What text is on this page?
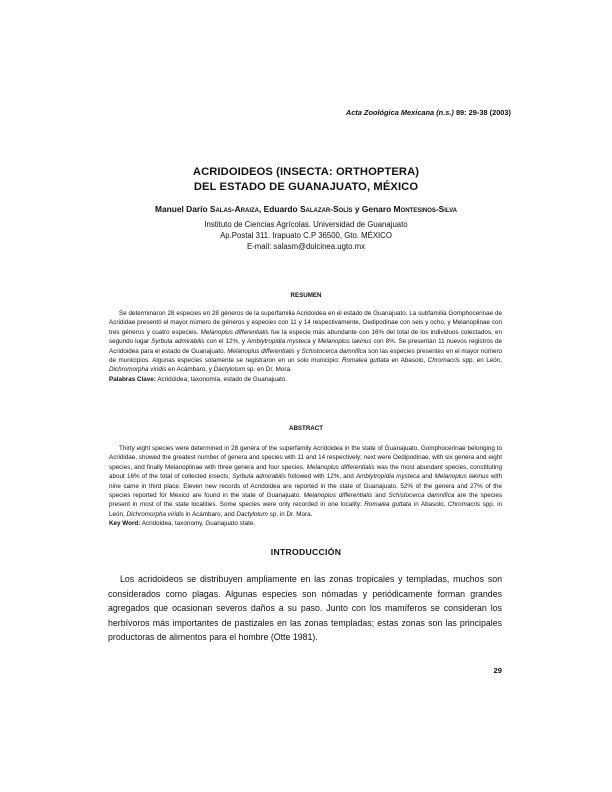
Acta Zoológica Mexicana (n.s.) 89: 29-38 (2003)
ACRIDOIDEOS (INSECTA: ORTHOPTERA)
DEL ESTADO DE GUANAJUATO, MÉXICO
Manuel Darío Salas-Araiza, Eduardo Salazar-Solís y Genaro Montesinos-Silva
Instituto de Ciencias Agrícolas. Universidad de Guanajuato
Ap.Postal 311. Irapuato C.P 36500, Gto. MÉXICO
E-mail: salasm@dulcinea.ugto.mx
RESUMEN

Se determinaron 28 especies en 28 géneros de la superfamilia Acridoidea en el estado de Guanajuato. La subfamilia Gomphocerinae de Acrididae presentó el mayor número de géneros y especies con 11 y 14 respectivamente, Oedipodinae con seis y ocho, y Melanoplinae con tres géneros y cuatro especies. Melanoplus differentialis fue la especie más abundante con 16% del total de los individuos colectados, en segundo lugar Syrbula admirabilis con el 12%, y Amblytropidia mysteca y Melanoplus lakinus con 8%. Se presentan 11 nuevos registros de Acridoidea para el estado de Guanajuato. Melanoplus differentialis y Schistocerca damnifica son las especies presentes en el mayor número de municipios. Algunas especies solamente se registraron en un solo municipio: Romalea guttata en Abasolo, Chromacris spp. en León, Dichromorpha viridis en Acámbaro, y Dactylotum sp. en Dr. Mora.

Palabras Clave: Acridoidea, taxonomía, estado de Guanajuato.

ABSTRACT

Thirty eight species were determined in 28 genera of the superfamily Acridoidea in the state of Guanajuato. Gomphocerinae belonging to Acrididae, showed the greatest number of genera and species with 11 and 14 respectively; next were Oedipodinae, with six genera and eight species, and finally Melanoplinae with three genera and four species. Melanoplus differentialis was the most abundant species, constituting about 16% of the total of collected insects; Syrbula admirabilis followed with 12%, and Amblytropidia mysteca and Melanoplus lakinus with nine came in third place. Eleven new records of Acridoidea are reported in the state of Guanajuato. 52% of the genera and 27% of the species reported for Mexico are found in the state of Guanajuato. Melanoplus differentialis and Schistocerca damnifica are the species present in most of the state localities. Some species were only recorded in one locality: Romalea guttata in Abasolo, Chromacris spp. in León, Dichromorpha viridis in Acámbaro, and Dactylotum sp. in Dr. Mora.

Key Word: Acridoidea, taxonomy, Guanajuato state.

INTRODUCCIÓN

Los acridoideos se distribuyen ampliamente en las zonas tropicales y templadas, muchos son considerados como plagas. Algunas especies son nómadas y periódicamente forman grandes agregados que ocasionan severos daños a su paso. Junto con los mamíferos se consideran los herbívoros más importantes de pastizales en las zonas templadas; estas zonas son las principales productoras de alimentos para el hombre (Otte 1981).

29
